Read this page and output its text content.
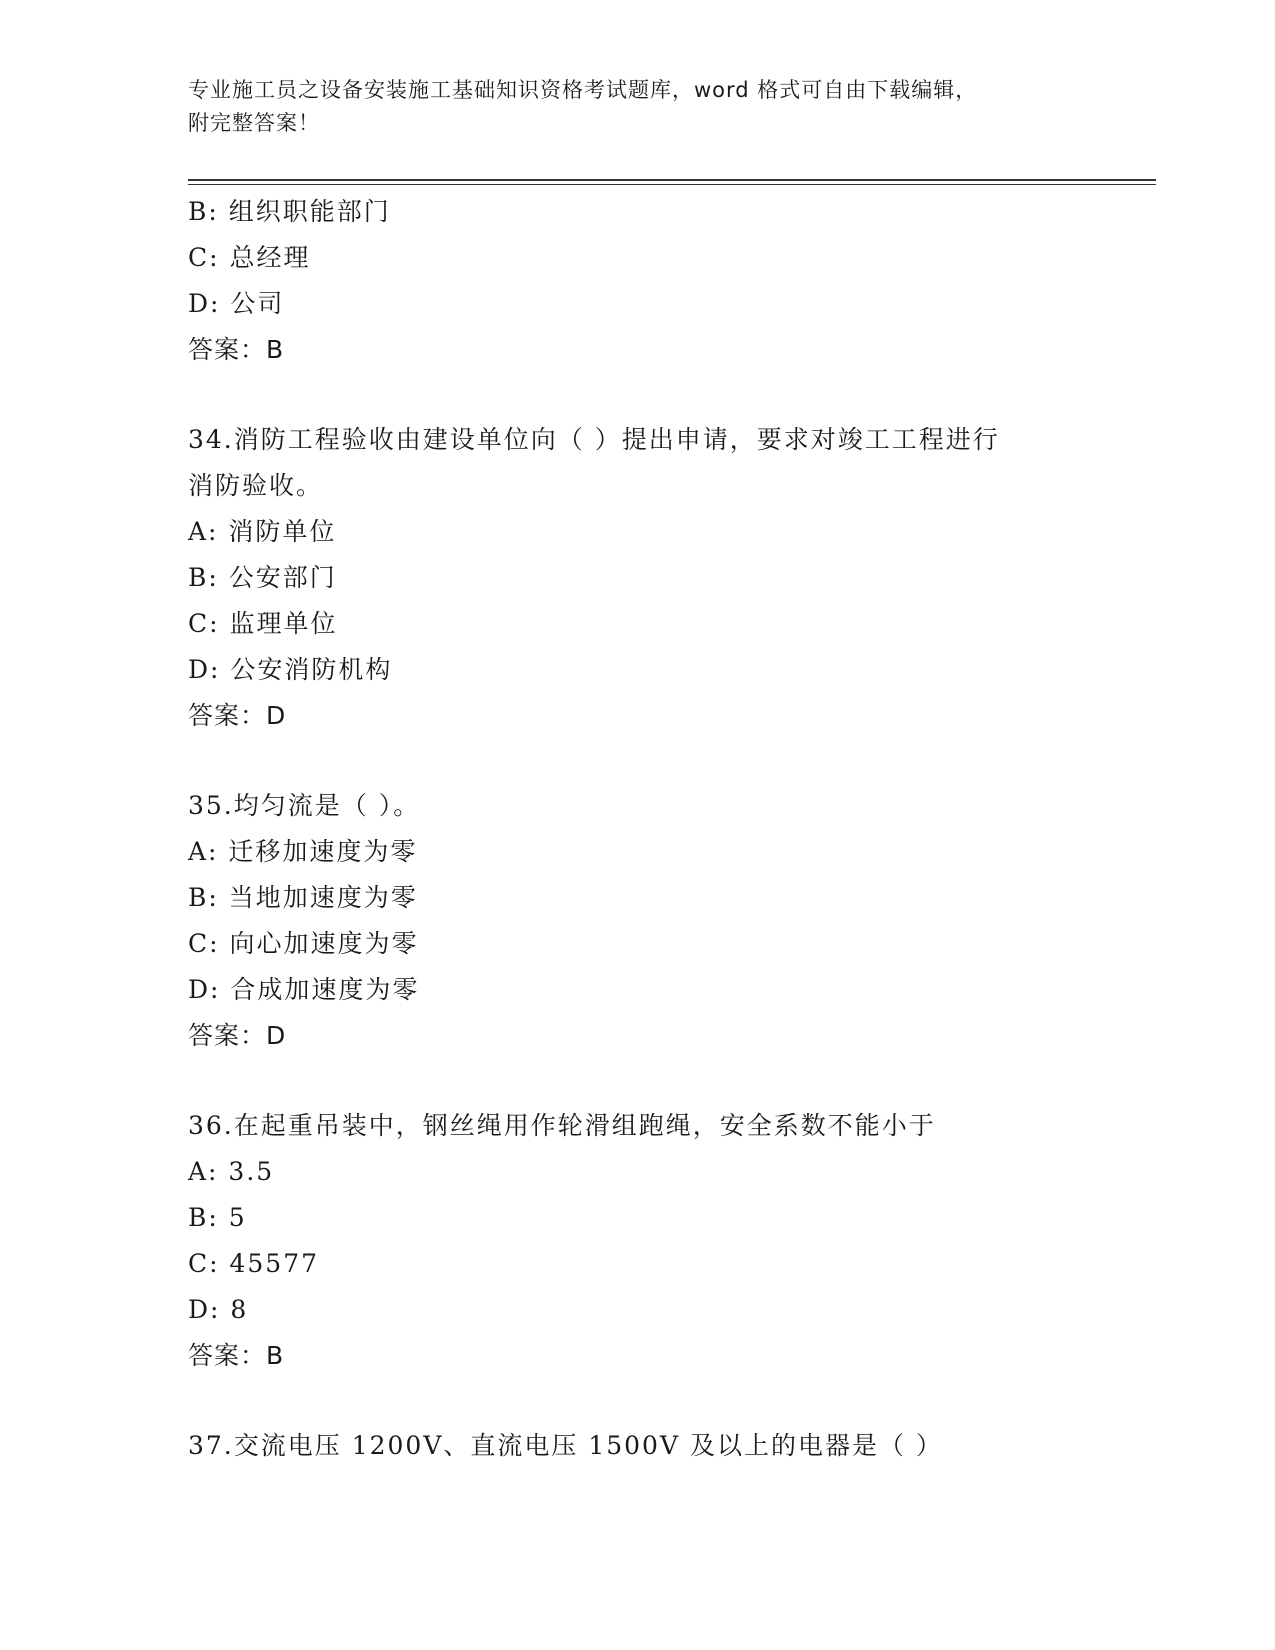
专业施工员之设备安装施工基础知识资格考试题库，word 格式可自由下载编辑，
附完整答案！
B: 组织职能部门
C: 总经理
D: 公司
答案：B
34.消防工程验收由建设单位向（ ）提出申请，要求对竣工工程进行
消防验收。
A: 消防单位
B: 公安部门
C: 监理单位
D: 公安消防机构
答案：D
35.均匀流是（ ）。
A: 迁移加速度为零
B: 当地加速度为零
C: 向心加速度为零
D: 合成加速度为零
答案：D
36.在起重吊装中，钢丝绳用作轮滑组跑绳，安全系数不能小于
A: 3.5
B: 5
C: 45577
D: 8
答案：B
37.交流电压 1200V、直流电压 1500V 及以上的电器是（ ）
